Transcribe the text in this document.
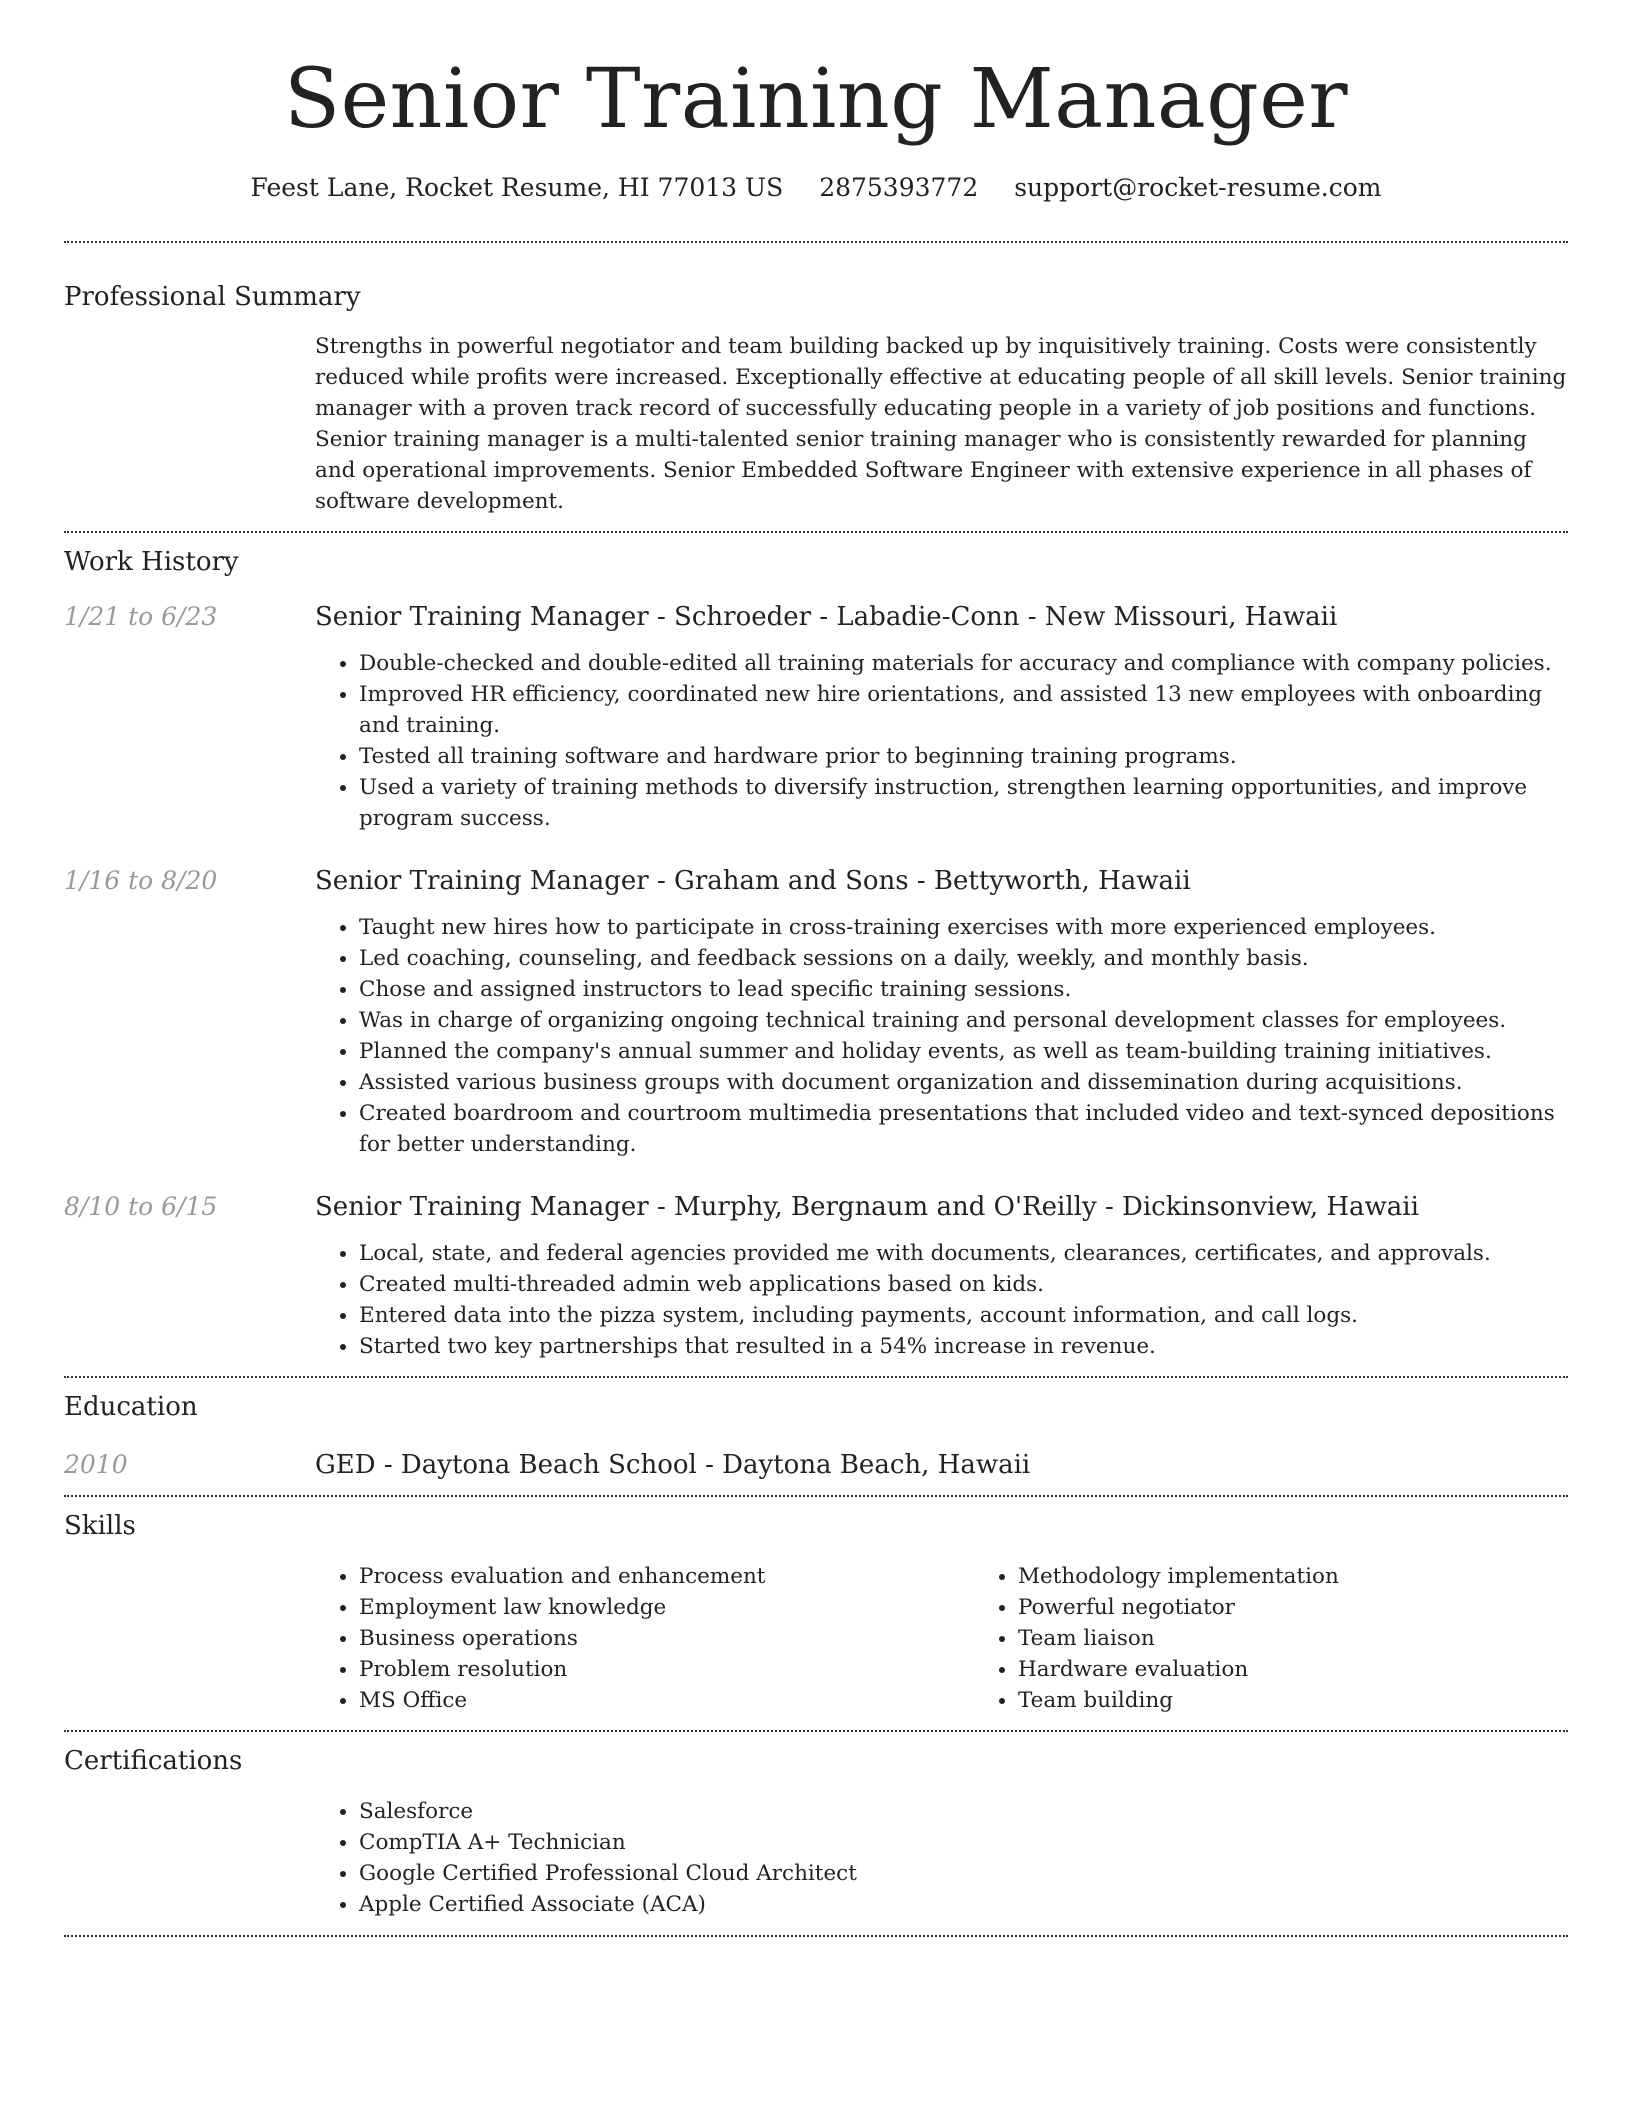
Senior Training Manager
Feest Lane, Rocket Resume, HI 77013 US 2875393772 support@rocket-resume.com
Professional Summary

Strengths in powerful negotiator and team building backed up by inquisitively training. Costs were consistently reduced while profits were increased. Exceptionally effective at educating people of all skill levels. Senior training manager with a proven track record of successfully educating people in a variety of job positions and functions. Senior training manager is a multi-talented senior training manager who is consistently rewarded for planning and operational improvements. Senior Embedded Software Engineer with extensive experience in all phases of software development.

Work History
1/21 to 6/23	Senior Training Manager - Schroeder - Labadie-Conn - New Missouri, Hawaii
• Double-checked and double-edited all training materials for accuracy and compliance with company policies.
• Improved HR efficiency, coordinated new hire orientations, and assisted 13 new employees with onboarding and training.
• Tested all training software and hardware prior to beginning training programs.
• Used a variety of training methods to diversify instruction, strengthen learning opportunities, and improve program success.
1/16 to 8/20	Senior Training Manager - Graham and Sons - Bettyworth, Hawaii
• Taught new hires how to participate in cross-training exercises with more experienced employees.
• Led coaching, counseling, and feedback sessions on a daily, weekly, and monthly basis.
• Chose and assigned instructors to lead specific training sessions.
• Was in charge of organizing ongoing technical training and personal development classes for employees.
• Planned the company's annual summer and holiday events, as well as team-building training initiatives.
• Assisted various business groups with document organization and dissemination during acquisitions.
• Created boardroom and courtroom multimedia presentations that included video and text-synced depositions for better understanding.
8/10 to 6/15	Senior Training Manager - Murphy, Bergnaum and O'Reilly - Dickinsonview, Hawaii
• Local, state, and federal agencies provided me with documents, clearances, certificates, and approvals.
• Created multi-threaded admin web applications based on kids.
• Entered data into the pizza system, including payments, account information, and call logs.
• Started two key partnerships that resulted in a 54% increase in revenue.
Education
2010	GED - Daytona Beach School - Daytona Beach, Hawaii
Skills
• Process evaluation and enhancement
• Employment law knowledge
• Business operations
• Problem resolution
• MS Office
• Methodology implementation
• Powerful negotiator
• Team liaison
• Hardware evaluation
• Team building
Certifications
• Salesforce
• CompTIA A+ Technician
• Google Certified Professional Cloud Architect
• Apple Certified Associate (ACA)
